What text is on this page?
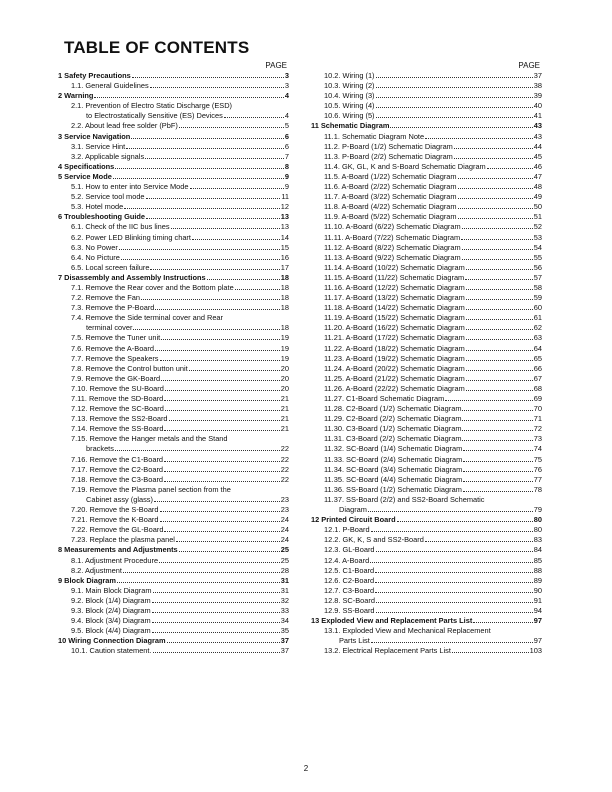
TABLE OF CONTENTS
PAGE
1 Safety Precautions	3
1.1. General Guidelines	3
2 Warning	4
2.1. Prevention of Electro Static Discharge (ESD)
to Electrostatically Sensitive (ES) Devices	4
2.2. About lead free solder (PbF)	5
3 Service Navigation	6
3.1. Service Hint	6
3.2. Applicable signals	7
4 Specifications	8
5 Service Mode	9
5.1. How to enter into Service Mode	9
5.2. Service tool mode	11
5.3. Hotel mode	12
6 Troubleshooting Guide	13
6.1. Check of the IIC bus lines	13
6.2. Power LED Blinking timing chart	14
6.3. No Power	15
6.4. No Picture	16
6.5. Local screen failure	17
7 Disassembly and Assembly Instructions	18
7.1. Remove the Rear cover and the Bottom plate	18
7.2. Remove the Fan	18
7.3. Remove the P-Board	18
7.4. Remove the Side terminal cover and Rear
terminal cover	18
7.5. Remove the Tuner unit	19
7.6. Remove the A-Board	19
7.7. Remove the Speakers	19
7.8. Remove the Control button unit	20
7.9. Remove the GK-Board	20
7.10. Remove the SU-Board	20
7.11. Remove the SD-Board	21
7.12. Remove the SC-Board	21
7.13. Remove the SS2-Board	21
7.14. Remove the SS-Board	21
7.15. Remove the Hanger metals and the Stand
brackets	22
7.16. Remove the C1-Board	22
7.17. Remove the C2-Board	22
7.18. Remove the C3-Board	22
7.19. Remove the Plasma panel section from the
Cabinet assy (glass)	23
7.20. Remove the S-Board	23
7.21. Remove the K-Board	24
7.22. Remove the GL-Board	24
7.23. Replace the plasma panel	24
8 Measurements and Adjustments	25
8.1. Adjustment Procedure	25
8.2. Adjustment	28
9 Block Diagram	31
9.1. Main Block Diagram	31
9.2. Block (1/4) Diagram	32
9.3. Block (2/4) Diagram	33
9.4. Block (3/4) Diagram	34
9.5. Block (4/4) Diagram	35
10 Wiring Connection Diagram	37
10.1. Caution statement.	37
PAGE
10.2. Wiring (1)	37
10.3. Wiring (2)	38
10.4. Wiring (3)	39
10.5. Wiring (4)	40
10.6. Wiring (5)	41
11 Schematic Diagram	43
11.1. Schematic Diagram Note	43
11.2. P-Board (1/2) Schematic Diagram	44
11.3. P-Board (2/2) Schematic Diagram	45
11.4. GK, GL, K and S-Board Schematic Diagram	46
11.5. A-Board (1/22) Schematic Diagram	47
11.6. A-Board (2/22) Schematic Diagram	48
11.7. A-Board (3/22) Schematic Diagram	49
11.8. A-Board (4/22) Schematic Diagram	50
11.9. A-Board (5/22) Schematic Diagram	51
11.10. A-Board (6/22) Schematic Diagram	52
11.11. A-Board (7/22) Schematic Diagram	53
11.12. A-Board (8/22) Schematic Diagram	54
11.13. A-Board (9/22) Schematic Diagram	55
11.14. A-Board (10/22) Schematic Diagram	56
11.15. A-Board (11/22) Schematic Diagram	57
11.16. A-Board (12/22) Schematic Diagram	58
11.17. A-Board (13/22) Schematic Diagram	59
11.18. A-Board (14/22) Schematic Diagram	60
11.19. A-Board (15/22) Schematic Diagram	61
11.20. A-Board (16/22) Schematic Diagram	62
11.21. A-Board (17/22) Schematic Diagram	63
11.22. A-Board (18/22) Schematic Diagram	64
11.23. A-Board (19/22) Schematic Diagram	65
11.24. A-Board (20/22) Schematic Diagram	66
11.25. A-Board (21/22) Schematic Diagram	67
11.26. A-Board (22/22) Schematic Diagram	68
11.27. C1-Board Schematic Diagram	69
11.28. C2-Board (1/2) Schematic Diagram	70
11.29. C2-Board (2/2) Schematic Diagram	71
11.30. C3-Board (1/2) Schematic Diagram	72
11.31. C3-Board (2/2) Schematic Diagram	73
11.32. SC-Board (1/4) Schematic Diagram	74
11.33. SC-Board (2/4) Schematic Diagram	75
11.34. SC-Board (3/4) Schematic Diagram	76
11.35. SC-Board (4/4) Schematic Diagram	77
11.36. SS-Board (1/2) Schematic Diagram	78
11.37. SS-Board (2/2) and SS2-Board Schematic
Diagram	79
12 Printed Circuit Board	80
12.1. P-Board	80
12.2. GK, K, S and SS2-Board	83
12.3. GL-Board	84
12.4. A-Board	85
12.5. C1-Board	88
12.6. C2-Board	89
12.7. C3-Board	90
12.8. SC-Board	91
12.9. SS-Board	94
13 Exploded View and Replacement Parts List	97
13.1. Exploded View and Mechanical Replacement
Parts List	97
13.2. Electrical Replacement Parts List	103
2
